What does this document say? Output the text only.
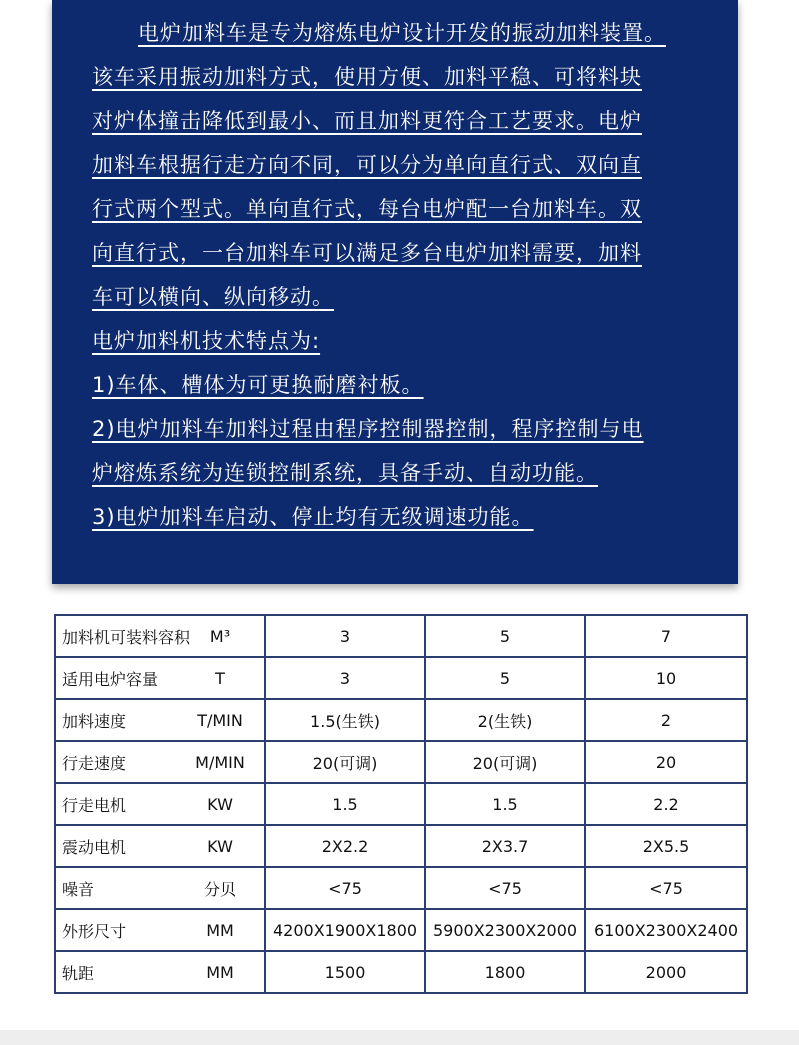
电炉加料车是专为熔炼电炉设计开发的振动加料装置。
该车采用振动加料方式，使用方便、加料平稳、可将料块
对炉体撞击降低到最小、而且加料更符合工艺要求。电炉
加料车根据行走方向不同，可以分为单向直行式、双向直
行式两个型式。单向直行式，每台电炉配一台加料车。双
向直行式，一台加料车可以满足多台电炉加料需要，加料
车可以横向、纵向移动。
电炉加料机技术特点为:
1)车体、槽体为可更换耐磨衬板。
2)电炉加料车加料过程由程序控制器控制，程序控制与电
炉熔炼系统为连锁控制系统，具备手动、自动功能。
3)电炉加料车启动、停止均有无级调速功能。
加料机可装料容积 M³	3	5	7

适用电炉容量 T	3	5	10

加料速度 T/MIN	1.5(生铁)	2(生铁)	2

行走速度 M/MIN	20(可调)	20(可调)	20

行走电机 KW	1.5	1.5	2.2

震动电机 KW	2X2.2	2X3.7	2X5.5

噪音 分贝	<75	<75	<75

外形尺寸 MM	4200X1900X1800	5900X2300X2000	6100X2300X2400

轨距 MM	1500	1800	2000
